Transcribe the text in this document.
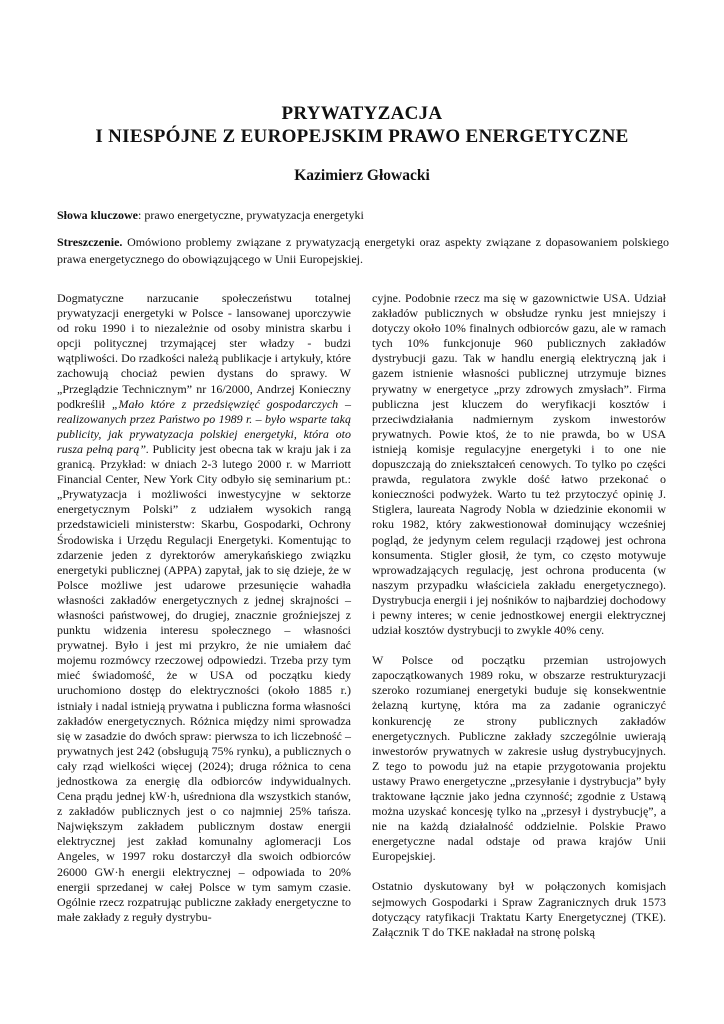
PRYWATYZACJA
I NIESPÓJNE Z EUROPEJSKIM PRAWO ENERGETYCZNE
Kazimierz Głowacki

Słowa kluczowe: prawo energetyczne, prywatyzacja energetyki

Streszczenie. Omówiono problemy związane z prywatyzacją energetyki oraz aspekty związane z dopasowaniem polskiego prawa energetycznego do obowiązującego w Unii Europejskiej.

Dogmatyczne narzucanie społeczeństwu totalnej prywatyzacji energetyki w Polsce - lansowanej uporczywie od roku 1990 i to niezależnie od osoby ministra skarbu i opcji politycznej trzymającej ster władzy - budzi wątpliwości. Do rzadkości należą publikacje i artykuły, które zachowują chociaż pewien dystans do sprawy. W „Przeglądzie Technicznym” nr 16/2000, Andrzej Konieczny podkreślił „Mało które z przedsięwzięć gospodarczych – realizowanych przez Państwo po 1989 r. – było wsparte taką publicity, jak prywatyzacja polskiej energetyki, która oto rusza pełną parą”. Publicity jest obecna tak w kraju jak i za granicą. Przykład: w dniach 2-3 lutego 2000 r. w Marriott Financial Center, New York City odbyło się seminarium pt.: „Prywatyzacja i możliwości inwestycyjne w sektorze energetycznym Polski” z udziałem wysokich rangą przedstawicieli ministerstw: Skarbu, Gospodarki, Ochrony Środowiska i Urzędu Regulacji Energetyki. Komentując to zdarzenie jeden z dyrektorów amerykańskiego związku energetyki publicznej (APPA) zapytał, jak to się dzieje, że w Polsce możliwe jest udarowe przesunięcie wahadła własności zakładów energetycznych z jednej skrajności – własności państwowej, do drugiej, znacznie groźniejszej z punktu widzenia interesu społecznego – własności prywatnej. Było i jest mi przykro, że nie umiałem dać mojemu rozmówcy rzeczowej odpowiedzi. Trzeba przy tym mieć świadomość, że w USA od początku kiedy uruchomiono dostęp do elektryczności (około 1885 r.) istniały i nadal istnieją prywatna i publiczna forma własności zakładów energetycznych. Różnica między nimi sprowadza się w zasadzie do dwóch spraw: pierwsza to ich liczebność – prywatnych jest 242 (obsługują 75% rynku), a publicznych o cały rząd wielkości więcej (2024); druga różnica to cena jednostkowa za energię dla odbiorców indywidualnych. Cena prądu jednej kW·h, uśredniona dla wszystkich stanów, z zakładów publicznych jest o co najmniej 25% tańsza. Największym zakładem publicznym dostaw energii elektrycznej jest zakład komunalny aglomeracji Los Angeles, w 1997 roku dostarczył dla swoich odbiorców 26000 GW·h energii elektrycznej – odpowiada to 20% energii sprzedanej w całej Polsce w tym samym czasie. Ogólnie rzecz rozpatrując publiczne zakłady energetyczne to małe zakłady z reguły dystrybu-

cyjne. Podobnie rzecz ma się w gazownictwie USA. Udział zakładów publicznych w obsłudze rynku jest mniejszy i dotyczy około 10% finalnych odbiorców gazu, ale w ramach tych 10% funkcjonuje 960 publicznych zakładów dystrybucji gazu. Tak w handlu energią elektryczną jak i gazem istnienie własności publicznej utrzymuje biznes prywatny w energetyce „przy zdrowych zmysłach”. Firma publiczna jest kluczem do weryfikacji kosztów i przeciwdziałania nadmiernym zyskom inwestorów prywatnych. Powie ktoś, że to nie prawda, bo w USA istnieją komisje regulacyjne energetyki i to one nie dopuszczają do zniekształceń cenowych. To tylko po części prawda, regulatora zwykle dość łatwo przekonać o konieczności podwyżek. Warto tu też przytoczyć opinię J. Stiglera, laureata Nagrody Nobla w dziedzinie ekonomii w roku 1982, który zakwestionował dominujący wcześniej pogląd, że jedynym celem regulacji rządowej jest ochrona konsumenta. Stigler głosił, że tym, co często motywuje wprowadzających regulację, jest ochrona producenta (w naszym przypadku właściciela zakładu energetycznego). Dystrybucja energii i jej nośników to najbardziej dochodowy i pewny interes; w cenie jednostkowej energii elektrycznej udział kosztów dystrybucji to zwykle 40% ceny.

W Polsce od początku przemian ustrojowych zapoczątkowanych 1989 roku, w obszarze restrukturyzacji szeroko rozumianej energetyki buduje się konsekwentnie żelazną kurtynę, która ma za zadanie ograniczyć konkurencję ze strony publicznych zakładów energetycznych. Publiczne zakłady szczególnie uwierają inwestorów prywatnych w zakresie usług dystrybucyjnych. Z tego to powodu już na etapie przygotowania projektu ustawy Prawo energetyczne „przesyłanie i dystrybucja” były traktowane łącznie jako jedna czynność; zgodnie z Ustawą można uzyskać koncesję tylko na „przesył i dystrybucję”, a nie na każdą działalność oddzielnie. Polskie Prawo energetyczne nadal odstaje od prawa krajów Unii Europejskiej.

Ostatnio dyskutowany był w połączonych komisjach sejmowych Gospodarki i Spraw Zagranicznych druk 1573 dotyczący ratyfikacji Traktatu Karty Energetycznej (TKE). Załącznik T do TKE nakładał na stronę polską
